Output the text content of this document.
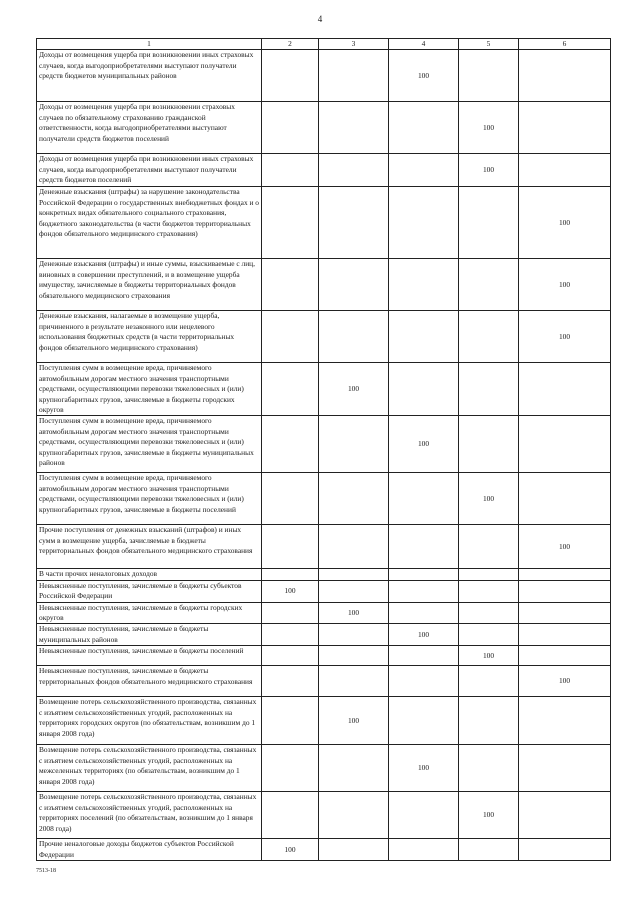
4
1	2	3	4	5	6
Доходы от возмещения ущерба при возникновении иных страховых случаев, когда выгодоприобретателями выступают получатели средств бюджетов муниципальных районов			100		
Доходы от возмещения ущерба при возникновении страховых случаев по обязательному страхованию гражданской ответственности, когда выгодоприобретателями выступают получатели средств бюджетов поселений				100	
Доходы от возмещения ущерба при возникновении иных страховых случаев, когда выгодоприобретателями выступают получатели средств бюджетов поселений				100	
Денежные взыскания (штрафы) за нарушение законодательства Российской Федерации о государственных внебюджетных фондах и о конкретных видах обязательного социального страхования, бюджетного законодательства (в части бюджетов территориальных фондов обязательного медицинского страхования)					100
Денежные взыскания (штрафы) и иные суммы, взыскиваемые с лиц, виновных в совершении преступлений, и в возмещение ущерба имуществу, зачисляемые в бюджеты территориальных фондов обязательного медицинского страхования					100
Денежные взыскания, налагаемые в возмещение ущерба, причиненного в результате незаконного или нецелевого использования бюджетных средств (в части территориальных фондов обязательного медицинского страхования)					100
Поступления сумм в возмещение вреда, причиняемого автомобильным дорогам местного значения транспортными средствами, осуществляющими перевозки тяжеловесных и (или) крупногабаритных грузов, зачисляемые в бюджеты городских округов		100			
Поступления сумм в возмещение вреда, причиняемого автомобильным дорогам местного значения транспортными средствами, осуществляющими перевозки тяжеловесных и (или) крупногабаритных грузов, зачисляемые в бюджеты муниципальных районов			100		
Поступления сумм в возмещение вреда, причиняемого автомобильным дорогам местного значения транспортными средствами, осуществляющими перевозки тяжеловесных и (или) крупногабаритных грузов, зачисляемые в бюджеты поселений				100	
Прочие поступления от денежных взысканий (штрафов) и иных сумм в возмещение ущерба, зачисляемые в бюджеты территориальных фондов обязательного медицинского страхования					100
В части прочих неналоговых доходов					
Невыясненные поступления, зачисляемые в бюджеты субъектов Российской Федерации	100				
Невыясненные поступления, зачисляемые в бюджеты городских округов		100			
Невыясненные поступления, зачисляемые в бюджеты муниципальных районов			100		
Невыясненные поступления, зачисляемые в бюджеты поселений				100	
Невыясненные поступления, зачисляемые в бюджеты территориальных фондов обязательного медицинского страхования					100
Возмещение потерь сельскохозяйственного производства, связанных с изъятием сельскохозяйственных угодий, расположенных на территориях городских округов (по обязательствам, возникшим до 1 января 2008 года)		100			
Возмещение потерь сельскохозяйственного производства, связанных с изъятием сельскохозяйственных угодий, расположенных на межселенных территориях (по обязательствам, возникшим до 1 января 2008 года)			100		
Возмещение потерь сельскохозяйственного производства, связанных с изъятием сельскохозяйственных угодий, расположенных на территориях поселений (по обязательствам, возникшим до 1 января 2008 года)				100	
Прочие неналоговые доходы бюджетов субъектов Российской Федерации	100				
7513-18
